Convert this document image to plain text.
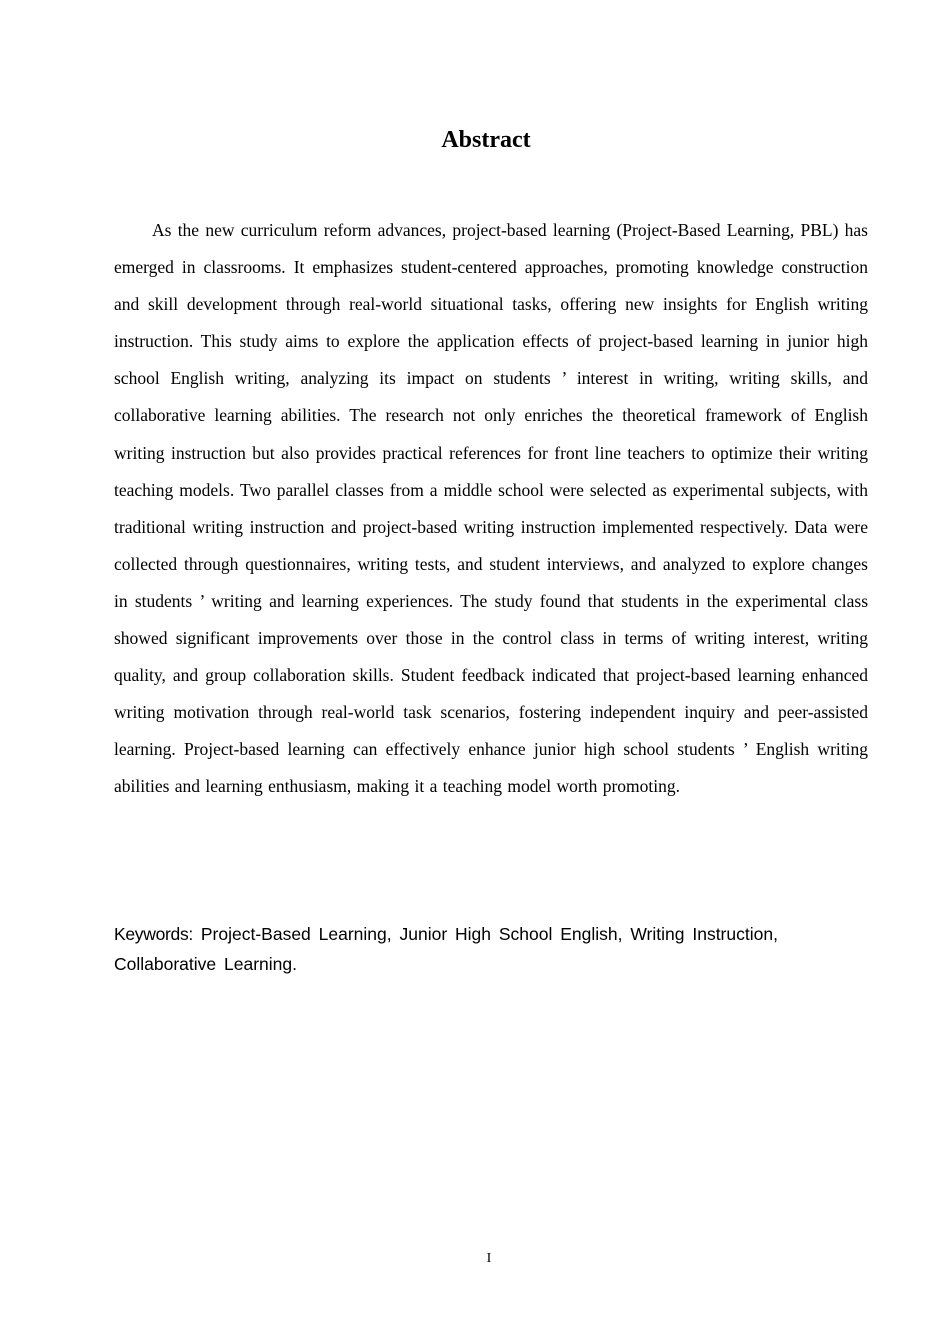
Abstract

As the new curriculum reform advances, project-based learning (Project-Based Learning, PBL) has emerged in classrooms. It emphasizes student-centered approaches, promoting knowledge construction and skill development through real-world situational tasks, offering new insights for English writing instruction. This study aims to explore the application effects of project-based learning in junior high school English writing, analyzing its impact on students ’ interest in writing, writing skills, and collaborative learning abilities. The research not only enriches the theoretical framework of English writing instruction but also provides practical references for front line teachers to optimize their writing teaching models. Two parallel classes from a middle school were selected as experimental subjects, with traditional writing instruction and project-based writing instruction implemented respectively. Data were collected through questionnaires, writing tests, and student interviews, and analyzed to explore changes in students ’ writing and learning experiences. The study found that students in the experimental class showed significant improvements over those in the control class in terms of writing interest, writing quality, and group collaboration skills. Student feedback indicated that project-based learning enhanced writing motivation through real-world task scenarios, fostering independent inquiry and peer-assisted learning. Project-based learning can effectively enhance junior high school students ’ English writing abilities and learning enthusiasm, making it a teaching model worth promoting.

Keywords: Project-Based Learning, Junior High School English, Writing Instruction, Collaborative Learning.

I
